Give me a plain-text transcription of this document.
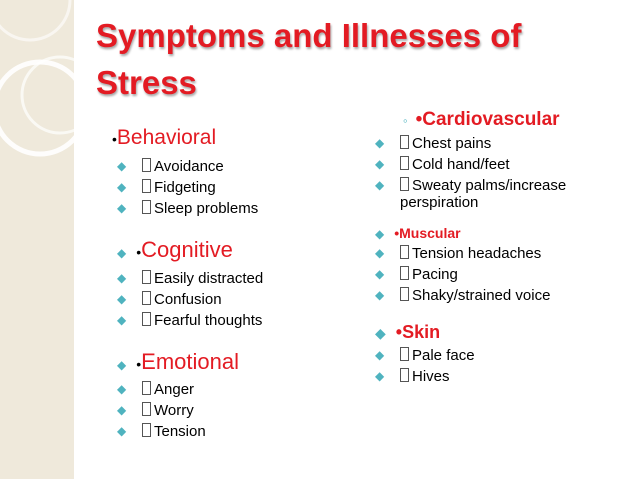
Symptoms and Illnesses of Stress
•Behavioral
◆	Avoidance
◆	Fidgeting
◆	Sleep problems
◆ •Cognitive
◆	Easily distracted
◆	Confusion
◆	Fearful thoughts
◆ •Emotional
◆	Anger
◆	Worry
◆	Tension
◦ •Cardiovascular
◆	Chest pains
◆	Cold hand/feet
◆	Sweaty palms/increase perspiration
◆ •Muscular
◆	Tension headaches
◆	Pacing
◆	Shaky/strained voice
◆ •Skin
◆	Pale face
◆	Hives
